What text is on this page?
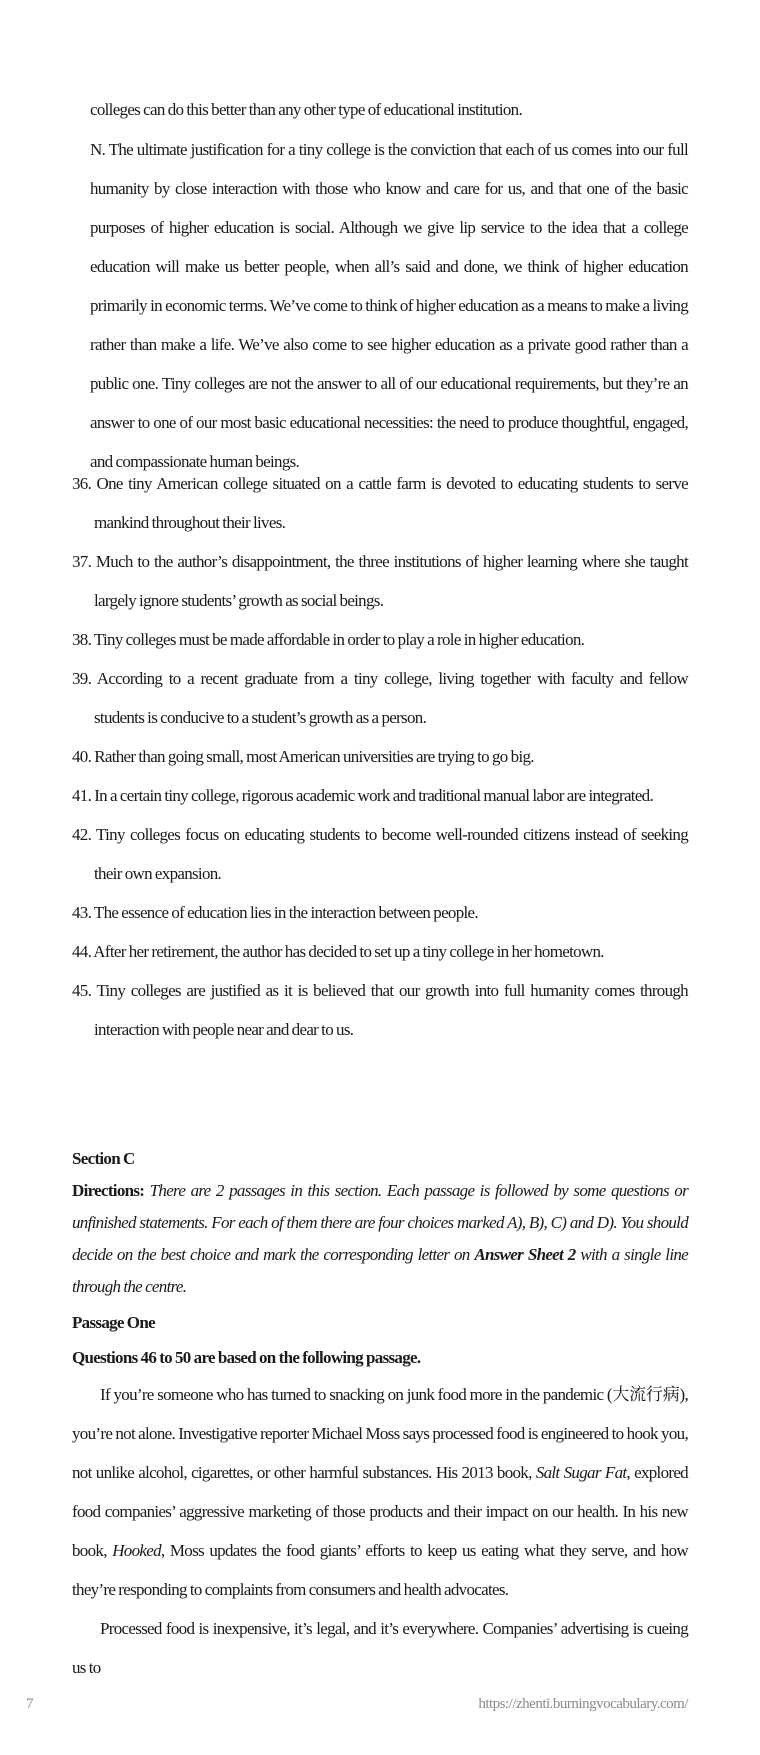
colleges can do this better than any other type of educational institution.

N. The ultimate justification for a tiny college is the conviction that each of us comes into our full humanity by close interaction with those who know and care for us, and that one of the basic purposes of higher education is social. Although we give lip service to the idea that a college education will make us better people, when all’s said and done, we think of higher education primarily in economic terms. We’ve come to think of higher education as a means to make a living rather than make a life. We’ve also come to see higher education as a private good rather than a public one. Tiny colleges are not the answer to all of our educational requirements, but they’re an answer to one of our most basic educational necessities: the need to produce thoughtful, engaged, and compassionate human beings.

36. One tiny American college situated on a cattle farm is devoted to educating students to serve mankind throughout their lives.
37. Much to the author’s disappointment, the three institutions of higher learning where she taught largely ignore students’ growth as social beings.
38. Tiny colleges must be made affordable in order to play a role in higher education.
39. According to a recent graduate from a tiny college, living together with faculty and fellow students is conducive to a student’s growth as a person.
40. Rather than going small, most American universities are trying to go big.
41. In a certain tiny college, rigorous academic work and traditional manual labor are integrated.
42. Tiny colleges focus on educating students to become well-rounded citizens instead of seeking their own expansion.
43. The essence of education lies in the interaction between people.
44. After her retirement, the author has decided to set up a tiny college in her hometown.
45. Tiny colleges are justified as it is believed that our growth into full humanity comes through interaction with people near and dear to us.

Section C

Directions: There are 2 passages in this section. Each passage is followed by some questions or unfinished statements. For each of them there are four choices marked A), B), C) and D). You should decide on the best choice and mark the corresponding letter on Answer Sheet 2 with a single line through the centre.

Passage One

Questions 46 to 50 are based on the following passage.

If you’re someone who has turned to snacking on junk food more in the pandemic (大流行病), you’re not alone. Investigative reporter Michael Moss says processed food is engineered to hook you, not unlike alcohol, cigarettes, or other harmful substances. His 2013 book, Salt Sugar Fat, explored food companies’ aggressive marketing of those products and their impact on our health. In his new book, Hooked, Moss updates the food giants’ efforts to keep us eating what they serve, and how they’re responding to complaints from consumers and health advocates.

Processed food is inexpensive, it’s legal, and it’s everywhere. Companies’ advertising is cueing us to

7	https://zhenti.burningvocabulary.com/
